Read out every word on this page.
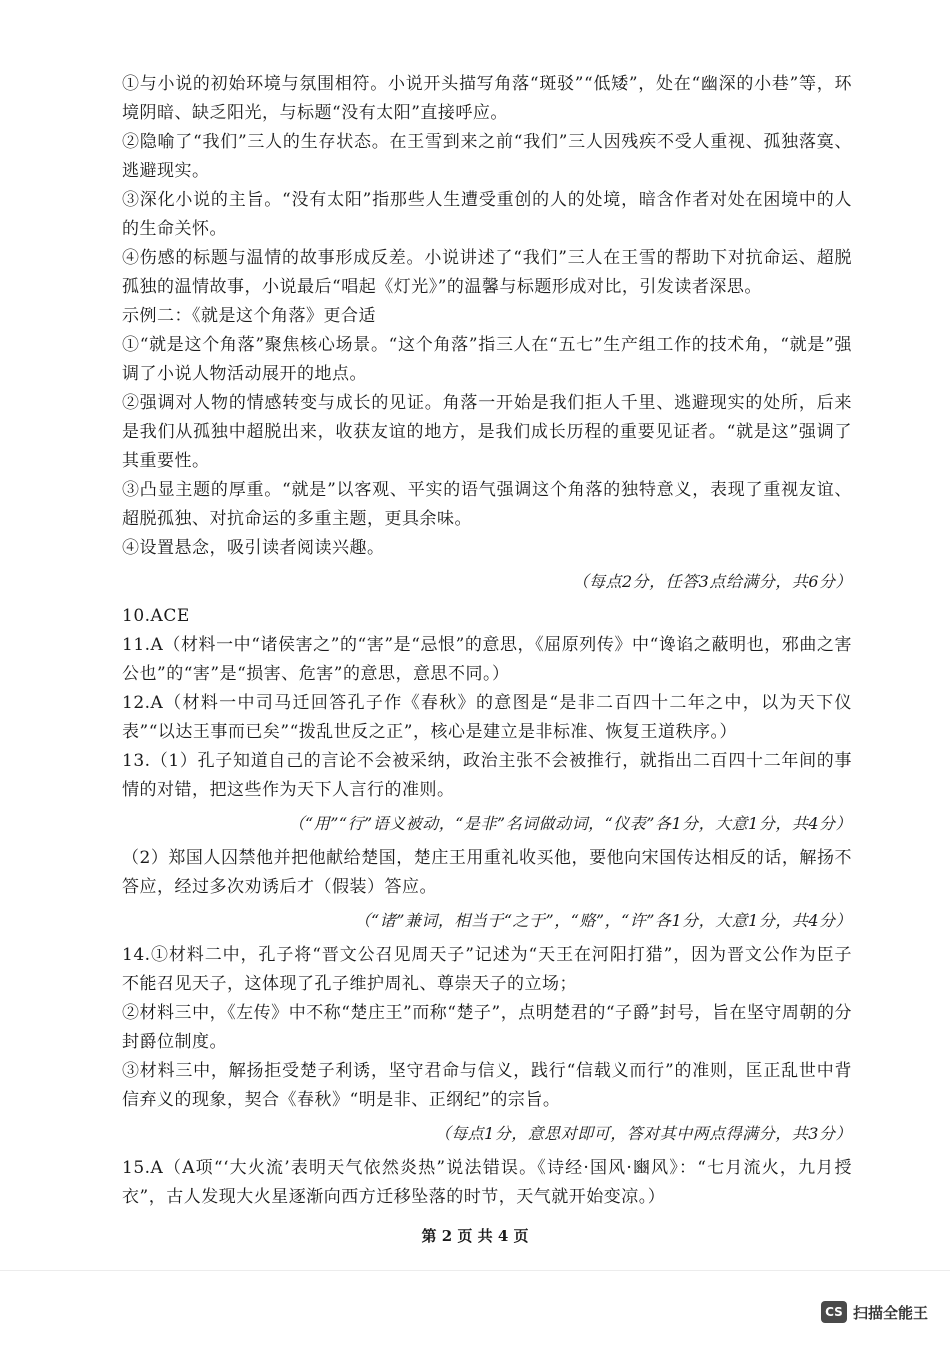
①与小说的初始环境与氛围相符。小说开头描写角落“斑驳”“低矮”，处在“幽深的小巷”等，环境阴暗、缺乏阳光，与标题“没有太阳”直接呼应。

②隐喻了“我们”三人的生存状态。在王雪到来之前“我们”三人因残疾不受人重视、孤独落寞、逃避现实。

③深化小说的主旨。“没有太阳”指那些人生遭受重创的人的处境，暗含作者对处在困境中的人的生命关怀。

④伤感的标题与温情的故事形成反差。小说讲述了“我们”三人在王雪的帮助下对抗命运、超脱孤独的温情故事，小说最后“唱起《灯光》”的温馨与标题形成对比，引发读者深思。

示例二：《就是这个角落》更合适

①“就是这个角落”聚焦核心场景。“这个角落”指三人在“五七”生产组工作的技术角，“就是”强调了小说人物活动展开的地点。

②强调对人物的情感转变与成长的见证。角落一开始是我们拒人千里、逃避现实的处所，后来是我们从孤独中超脱出来，收获友谊的地方，是我们成长历程的重要见证者。“就是这”强调了其重要性。

③凸显主题的厚重。“就是”以客观、平实的语气强调这个角落的独特意义，表现了重视友谊、超脱孤独、对抗命运的多重主题，更具余味。

④设置悬念，吸引读者阅读兴趣。

（每点2分，任答3点给满分，共6分）

10.ACE

11.A（材料一中“诸侯害之”的“害”是“忌恨”的意思，《屈原列传》中“谗谄之蔽明也，邪曲之害公也”的“害”是“损害、危害”的意思，意思不同。）

12.A（材料一中司马迁回答孔子作《春秋》的意图是“是非二百四十二年之中，以为天下仪表”“以达王事而已矣”“拨乱世反之正”，核心是建立是非标准、恢复王道秩序。）

13.（1）孔子知道自己的言论不会被采纳，政治主张不会被推行，就指出二百四十二年间的事情的对错，把这些作为天下人言行的准则。

（“用”“行”语义被动，“是非”名词做动词，“仪表”各1分，大意1分，共4分）

（2）郑国人囚禁他并把他献给楚国，楚庄王用重礼收买他，要他向宋国传达相反的话，解扬不答应，经过多次劝诱后才（假装）答应。

（“诸”兼词，相当于“之于”，“赂”，“许”各1分，大意1分，共4分）

14.①材料二中，孔子将“晋文公召见周天子”记述为“天王在河阳打猎”，因为晋文公作为臣子不能召见天子，这体现了孔子维护周礼、尊崇天子的立场；

②材料三中，《左传》中不称“楚庄王”而称“楚子”，点明楚君的“子爵”封号，旨在坚守周朝的分封爵位制度。

③材料三中，解扬拒受楚子利诱，坚守君命与信义，践行“信载义而行”的准则，匡正乱世中背信弃义的现象，契合《春秋》“明是非、正纲纪”的宗旨。

（每点1分，意思对即可，答对其中两点得满分，共3分）

15.A（A项“‘大火流’表明天气依然炎热”说法错误。《诗经·国风·豳风》：“七月流火，九月授衣”，古人发现大火星逐渐向西方迁移坠落的时节，天气就开始变凉。）

第 2 页 共 4 页
CS 扫描全能王
